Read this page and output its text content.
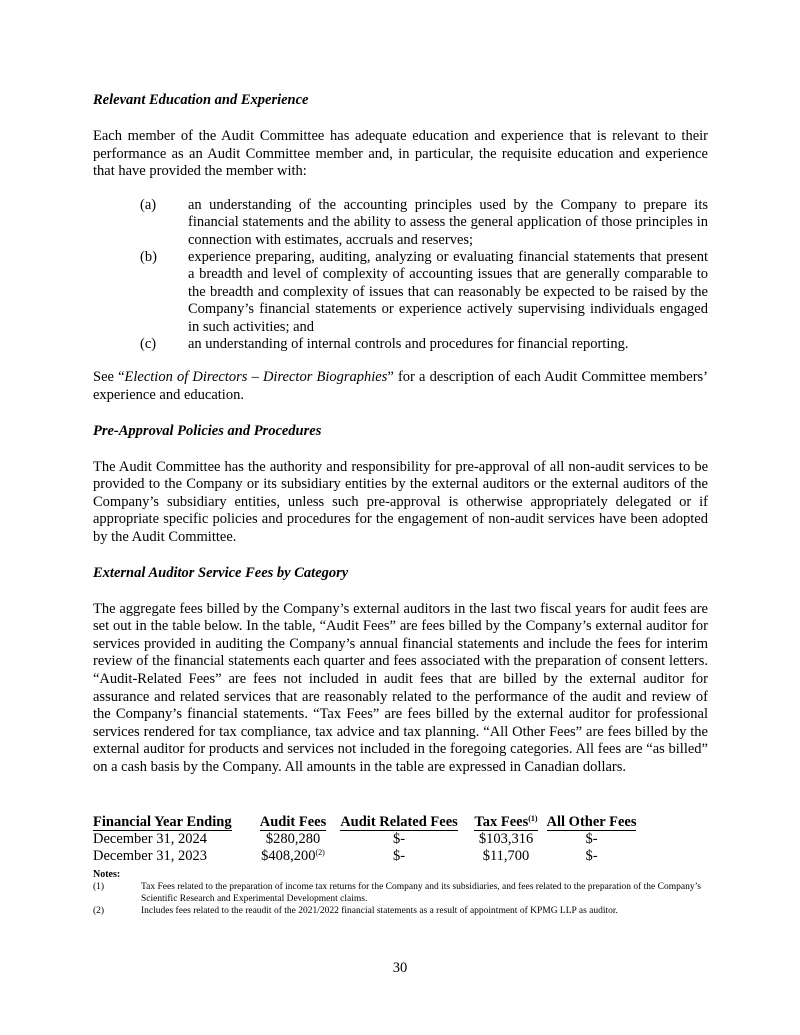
Relevant Education and Experience
Each member of the Audit Committee has adequate education and experience that is relevant to their performance as an Audit Committee member and, in particular, the requisite education and experience that have provided the member with:
(a)	an understanding of the accounting principles used by the Company to prepare its financial statements and the ability to assess the general application of those principles in connection with estimates, accruals and reserves;
(b)	experience preparing, auditing, analyzing or evaluating financial statements that present a breadth and level of complexity of accounting issues that are generally comparable to the breadth and complexity of issues that can reasonably be expected to be raised by the Company’s financial statements or experience actively supervising individuals engaged in such activities; and
(c)	an understanding of internal controls and procedures for financial reporting.
See “Election of Directors – Director Biographies” for a description of each Audit Committee members’ experience and education.
Pre-Approval Policies and Procedures
The Audit Committee has the authority and responsibility for pre-approval of all non-audit services to be provided to the Company or its subsidiary entities by the external auditors or the external auditors of the Company’s subsidiary entities, unless such pre-approval is otherwise appropriately delegated or if appropriate specific policies and procedures for the engagement of non-audit services have been adopted by the Audit Committee.
External Auditor Service Fees by Category
The aggregate fees billed by the Company’s external auditors in the last two fiscal years for audit fees are set out in the table below. In the table, “Audit Fees” are fees billed by the Company’s external auditor for services provided in auditing the Company’s annual financial statements and include the fees for interim review of the financial statements each quarter and fees associated with the preparation of consent letters. “Audit-Related Fees” are fees not included in audit fees that are billed by the external auditor for assurance and related services that are reasonably related to the performance of the audit and review of the Company’s financial statements. “Tax Fees” are fees billed by the external auditor for professional services rendered for tax compliance, tax advice and tax planning. “All Other Fees” are fees billed by the external auditor for products and services not included in the foregoing categories. All fees are “as billed” on a cash basis by the Company. All amounts in the table are expressed in Canadian dollars.
Financial Year Ending	Audit Fees	Audit Related Fees	Tax Fees$^{(1)}$	All Other Fees
December 31, 2024	$280,280	$-	$103,316	$-
December 31, 2023	$408,200$^{(2)}$	$-	$11,700	$-
Notes:
(1)	Tax Fees related to the preparation of income tax returns for the Company and its subsidiaries, and fees related to the preparation of the Company’s Scientific Research and Experimental Development claims.
(2)	Includes fees related to the reaudit of the 2021/2022 financial statements as a result of appointment of KPMG LLP as auditor.
30
